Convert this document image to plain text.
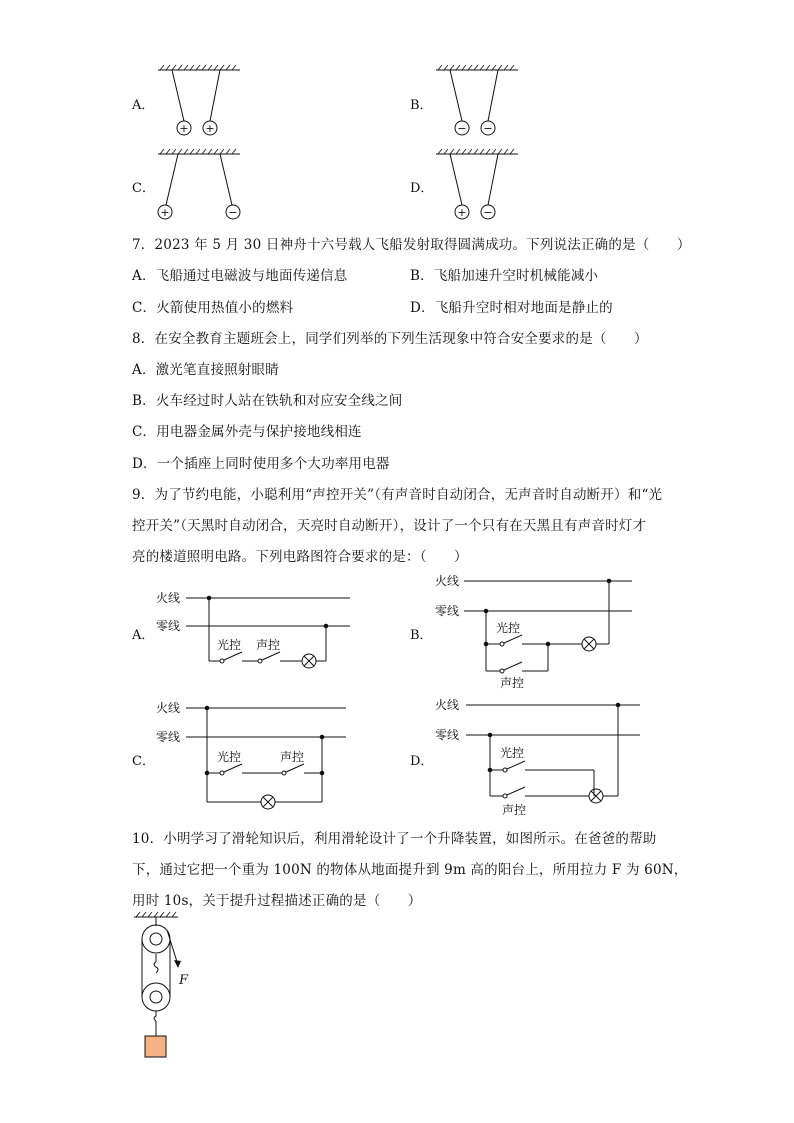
A．	B．
C．	D．
+ +	− −
+	−	+ −
7．2023 年 5 月 30 日神舟十六号载人飞船发射取得圆满成功。下列说法正确的是（　　）
A．飞船通过电磁波与地面传递信息	B．飞船加速升空时机械能减小
C．火箭使用热值小的燃料	D．飞船升空时相对地面是静止的
8．在安全教育主题班会上，同学们列举的下列生活现象中符合安全要求的是（　　）
A．激光笔直接照射眼睛
B．火车经过时人站在铁轨和对应安全线之间
C．用电器金属外壳与保护接地线相连
D．一个插座上同时使用多个大功率用电器
9．为了节约电能，小聪利用“声控开关”（有声音时自动闭合，无声音时自动断开）和“光
控开关”（天黑时自动闭合，天亮时自动断开），设计了一个只有在天黑且有声音时灯才
亮的楼道照明电路。下列电路图符合要求的是：（　　）
A．	B．
C．	D．
火线
零线
光控 声控
火线
零线
光控
声控
火线
零线
光控	声控
火线
零线
光控
声控
10．小明学习了滑轮知识后，利用滑轮设计了一个升降装置，如图所示。在爸爸的帮助
下，通过它把一个重为 100N 的物体从地面提升到 9m 高的阳台上，所用拉力 F 为 60N，
用时 10s，关于提升过程描述正确的是（　　）
F
